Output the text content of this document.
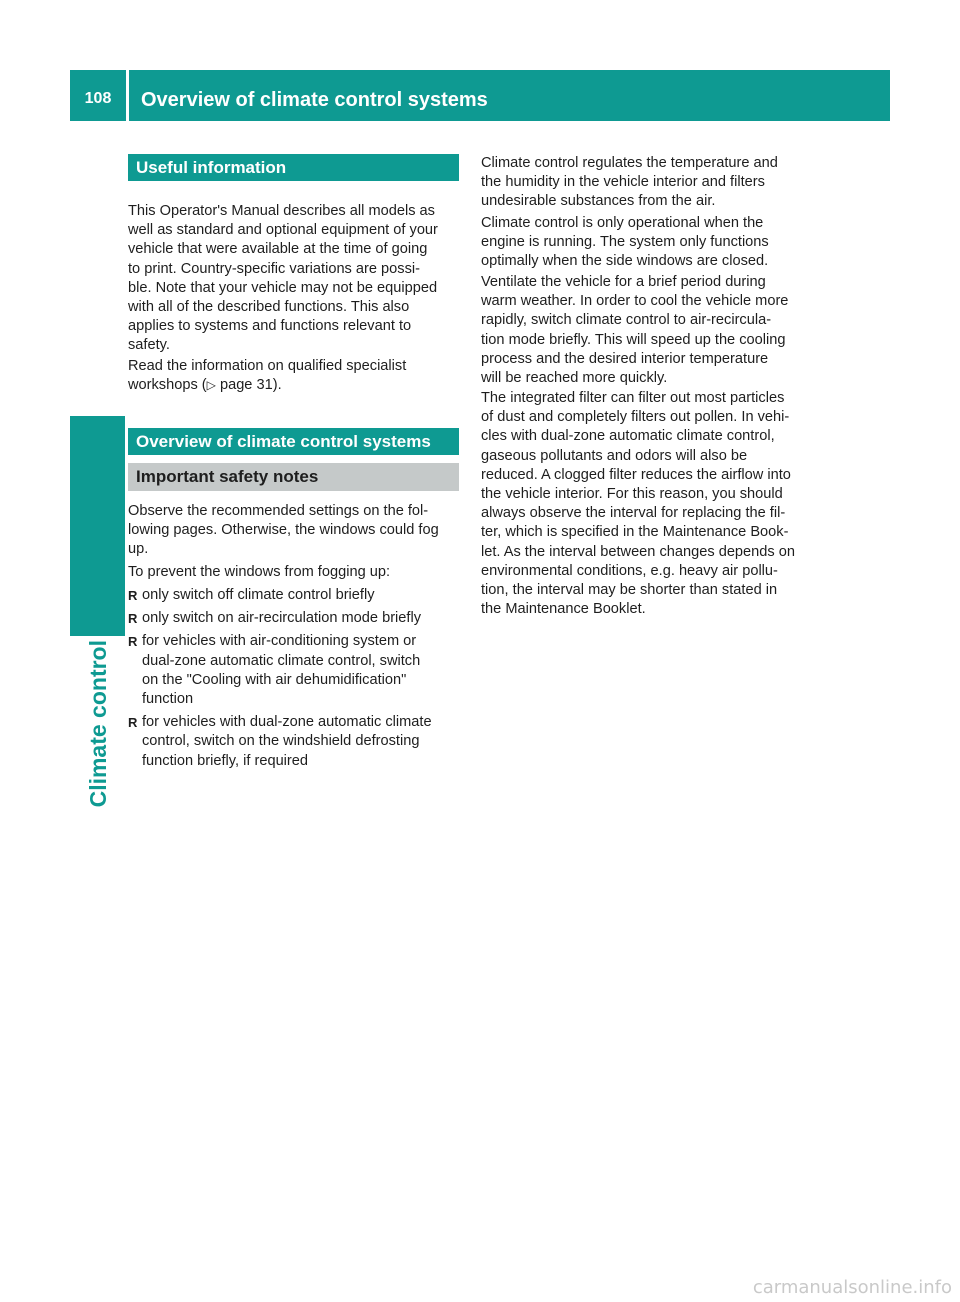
108	Overview of climate control systems
Climate control
Useful information
This Operator's Manual describes all models as
well as standard and optional equipment of your
vehicle that were available at the time of going
to print. Country-specific variations are possi-
ble. Note that your vehicle may not be equipped
with all of the described functions. This also
applies to systems and functions relevant to
safety.
Read the information on qualified specialist
workshops (▷ page 31).
Overview of climate control systems
Important safety notes
Observe the recommended settings on the fol-
lowing pages. Otherwise, the windows could fog
up.
To prevent the windows from fogging up:
R only switch off climate control briefly
R only switch on air-recirculation mode briefly
R for vehicles with air-conditioning system or
dual-zone automatic climate control, switch
on the "Cooling with air dehumidification"
function
R for vehicles with dual-zone automatic climate
control, switch on the windshield defrosting
function briefly, if required
Climate control regulates the temperature and
the humidity in the vehicle interior and filters
undesirable substances from the air.
Climate control is only operational when the
engine is running. The system only functions
optimally when the side windows are closed.
Ventilate the vehicle for a brief period during
warm weather. In order to cool the vehicle more
rapidly, switch climate control to air-recircula-
tion mode briefly. This will speed up the cooling
process and the desired interior temperature
will be reached more quickly.
The integrated filter can filter out most particles
of dust and completely filters out pollen. In vehi-
cles with dual-zone automatic climate control,
gaseous pollutants and odors will also be
reduced. A clogged filter reduces the airflow into
the vehicle interior. For this reason, you should
always observe the interval for replacing the fil-
ter, which is specified in the Maintenance Book-
let. As the interval between changes depends on
environmental conditions, e.g. heavy air pollu-
tion, the interval may be shorter than stated in
the Maintenance Booklet.
carmanualsonline.info
